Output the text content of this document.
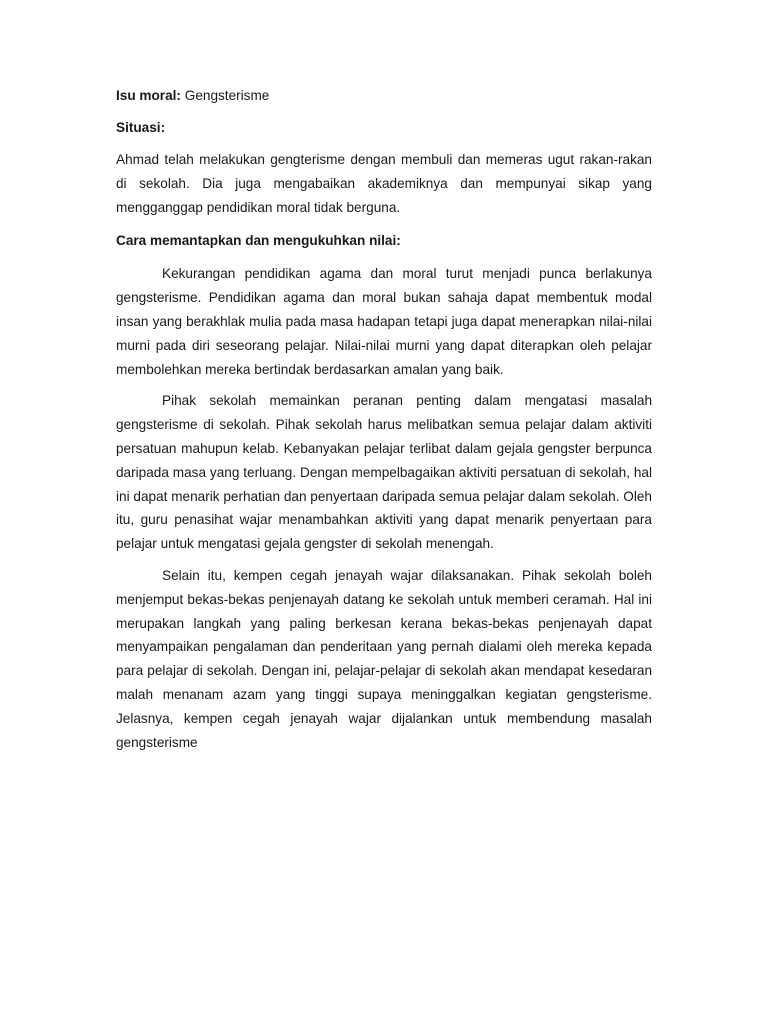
Isu moral: Gengsterisme

Situasi:

Ahmad telah melakukan gengterisme dengan membuli dan memeras ugut rakan-rakan di sekolah. Dia juga mengabaikan akademiknya dan mempunyai sikap yang mengganggap pendidikan moral tidak berguna.

Cara memantapkan dan mengukuhkan nilai:

Kekurangan pendidikan agama dan moral turut menjadi punca berlakunya gengsterisme. Pendidikan agama dan moral bukan sahaja dapat membentuk modal insan yang berakhlak mulia pada masa hadapan tetapi juga dapat menerapkan nilai-nilai murni pada diri seseorang pelajar. Nilai-nilai murni yang dapat diterapkan oleh pelajar membolehkan mereka bertindak berdasarkan amalan yang baik.

Pihak sekolah memainkan peranan penting dalam mengatasi masalah gengsterisme di sekolah. Pihak sekolah harus melibatkan semua pelajar dalam aktiviti persatuan mahupun kelab. Kebanyakan pelajar terlibat dalam gejala gengster berpunca daripada masa yang terluang. Dengan mempelbagaikan aktiviti persatuan di sekolah, hal ini dapat menarik perhatian dan penyertaan daripada semua pelajar dalam sekolah. Oleh itu, guru penasihat wajar menambahkan aktiviti yang dapat menarik penyertaan para pelajar untuk mengatasi gejala gengster di sekolah menengah.

Selain itu, kempen cegah jenayah wajar dilaksanakan. Pihak sekolah boleh menjemput bekas-bekas penjenayah datang ke sekolah untuk memberi ceramah. Hal ini merupakan langkah yang paling berkesan kerana bekas-bekas penjenayah dapat menyampaikan pengalaman dan penderitaan yang pernah dialami oleh mereka kepada para pelajar di sekolah. Dengan ini, pelajar-pelajar di sekolah akan mendapat kesedaran malah menanam azam yang tinggi supaya meninggalkan kegiatan gengsterisme. Jelasnya, kempen cegah jenayah wajar dijalankan untuk membendung masalah gengsterisme
